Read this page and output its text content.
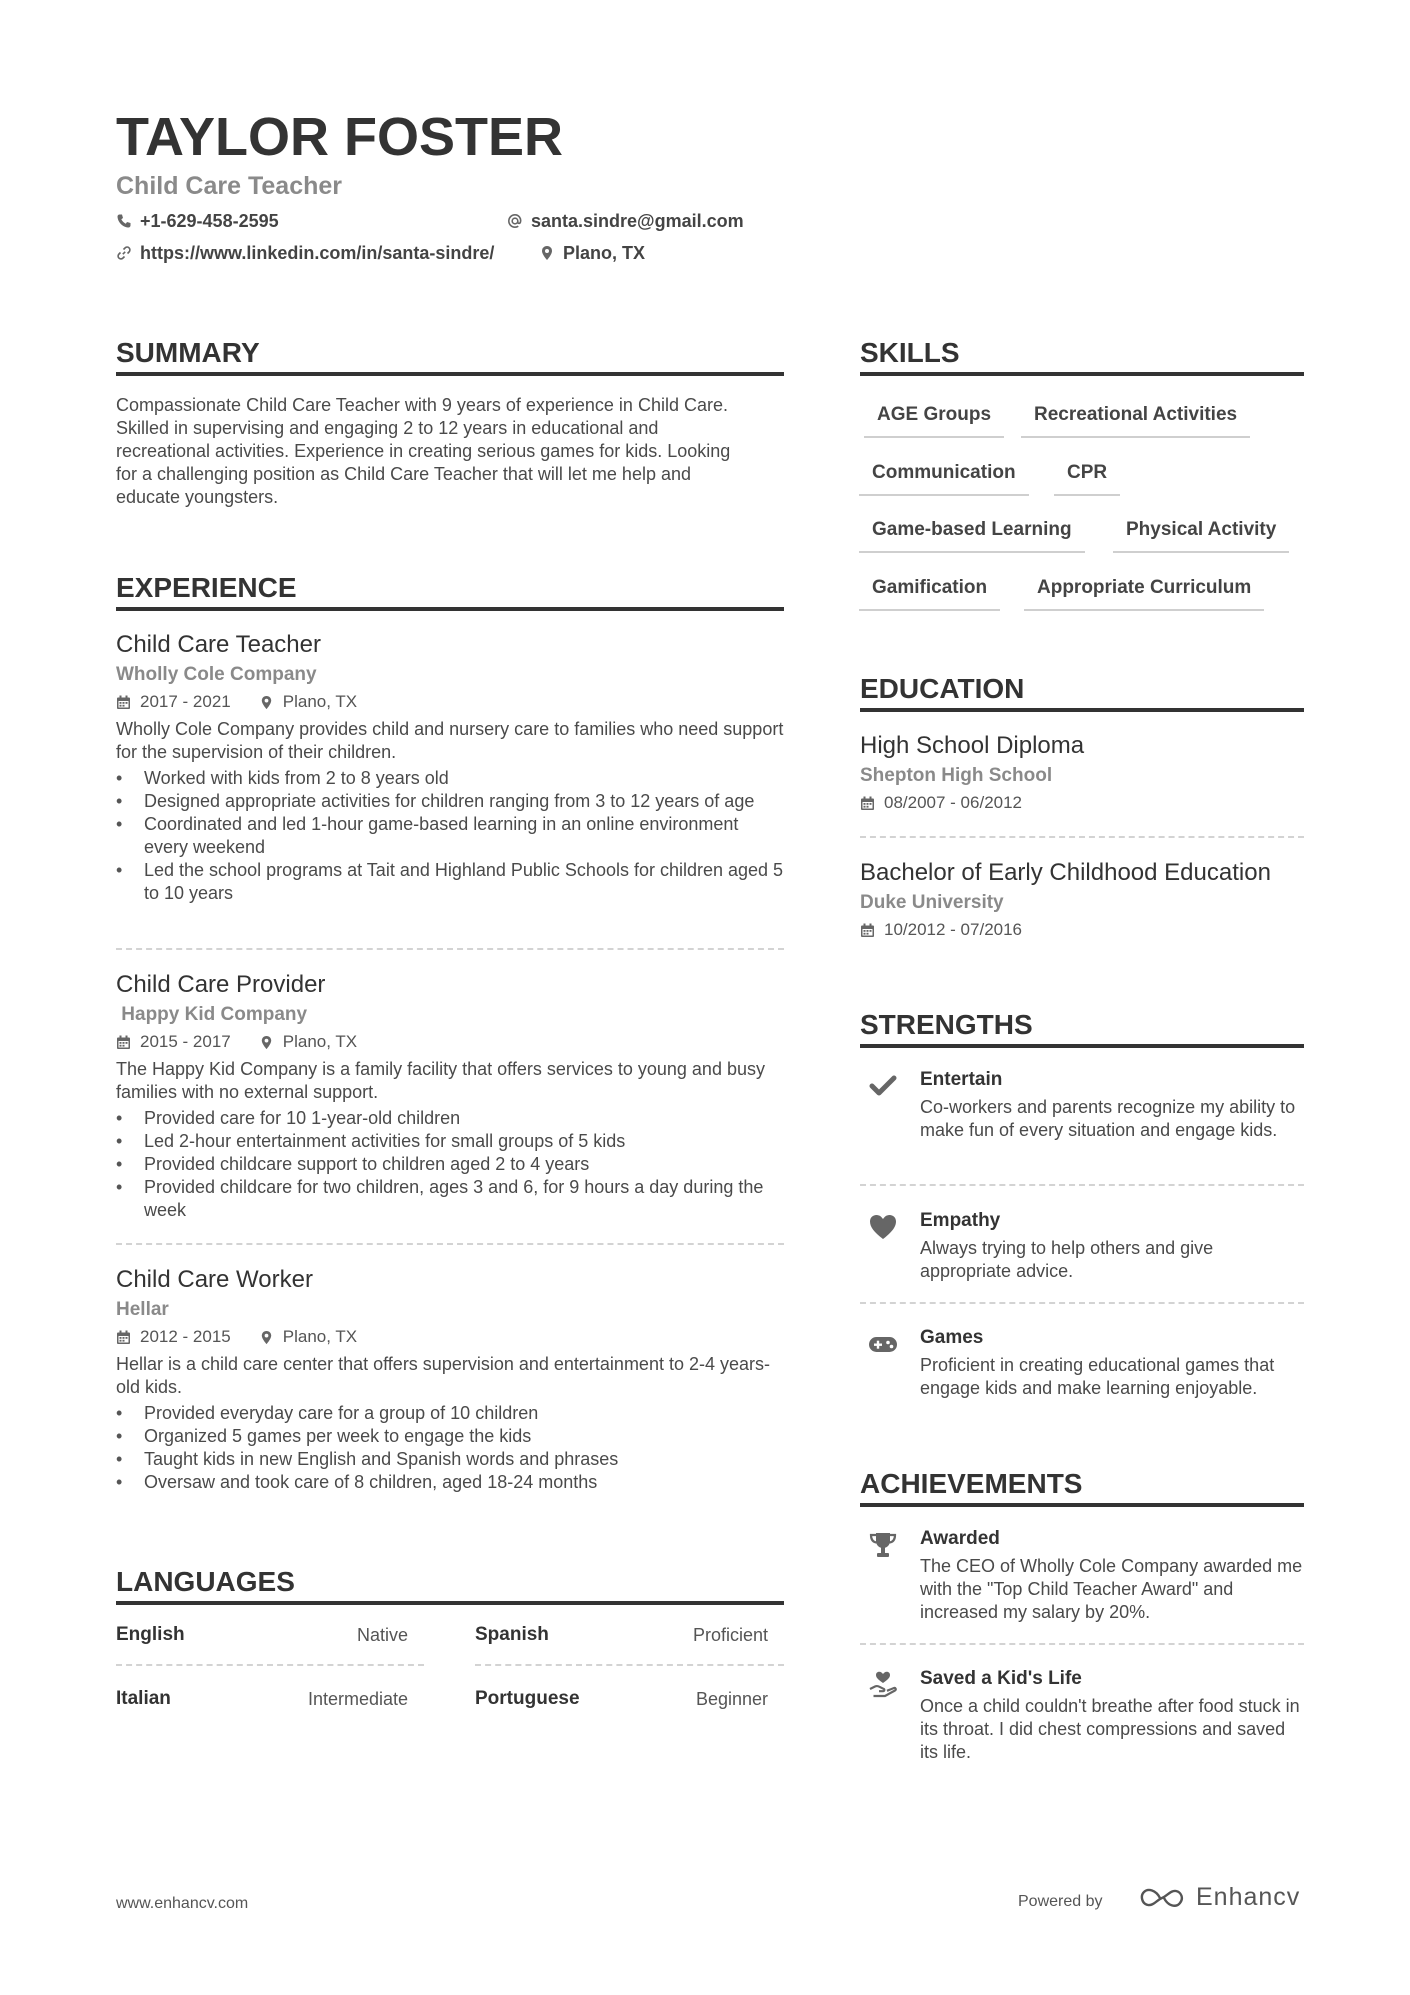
TAYLOR FOSTER
Child Care Teacher
+1-629-458-2595	santa.sindre@gmail.com
https://www.linkedin.com/in/santa-sindre/	Plano, TX
SUMMARY
Compassionate Child Care Teacher with 9 years of experience in Child Care.
Skilled in supervising and engaging 2 to 12 years in educational and
recreational activities. Experience in creating serious games for kids. Looking
for a challenging position as Child Care Teacher that will let me help and
educate youngsters.
EXPERIENCE
Child Care Teacher
Wholly Cole Company
2017 - 2021	Plano, TX
Wholly Cole Company provides child and nursery care to families who need support for the supervision of their children.
• Worked with kids from 2 to 8 years old
• Designed appropriate activities for children ranging from 3 to 12 years of age
• Coordinated and led 1-hour game-based learning in an online environment every weekend
• Led the school programs at Tait and Highland Public Schools for children aged 5 to 10 years
Child Care Provider
Happy Kid Company
2015 - 2017	Plano, TX
The Happy Kid Company is a family facility that offers services to young and busy families with no external support.
• Provided care for 10 1-year-old children
• Led 2-hour entertainment activities for small groups of 5 kids
• Provided childcare support to children aged 2 to 4 years
• Provided childcare for two children, ages 3 and 6, for 9 hours a day during the week
Child Care Worker
Hellar
2012 - 2015	Plano, TX
Hellar is a child care center that offers supervision and entertainment to 2-4 years-old kids.
• Provided everyday care for a group of 10 children
• Organized 5 games per week to engage the kids
• Taught kids in new English and Spanish words and phrases
• Oversaw and took care of 8 children, aged 18-24 months
LANGUAGES
English	Native	Spanish	Proficient
Italian	Intermediate	Portuguese	Beginner
SKILLS
AGE Groups	Recreational Activities
Communication	CPR
Game-based Learning	Physical Activity
Gamification	Appropriate Curriculum
EDUCATION
High School Diploma
Shepton High School
08/2007 - 06/2012
Bachelor of Early Childhood Education
Duke University
10/2012 - 07/2016
STRENGTHS
Entertain
Co-workers and parents recognize my ability to make fun of every situation and engage kids.
Empathy
Always trying to help others and give appropriate advice.
Games
Proficient in creating educational games that engage kids and make learning enjoyable.
ACHIEVEMENTS
Awarded
The CEO of Wholly Cole Company awarded me with the "Top Child Teacher Award" and increased my salary by 20%.
Saved a Kid's Life
Once a child couldn't breathe after food stuck in its throat. I did chest compressions and saved its life.
www.enhancv.com	Powered by	Enhancv
